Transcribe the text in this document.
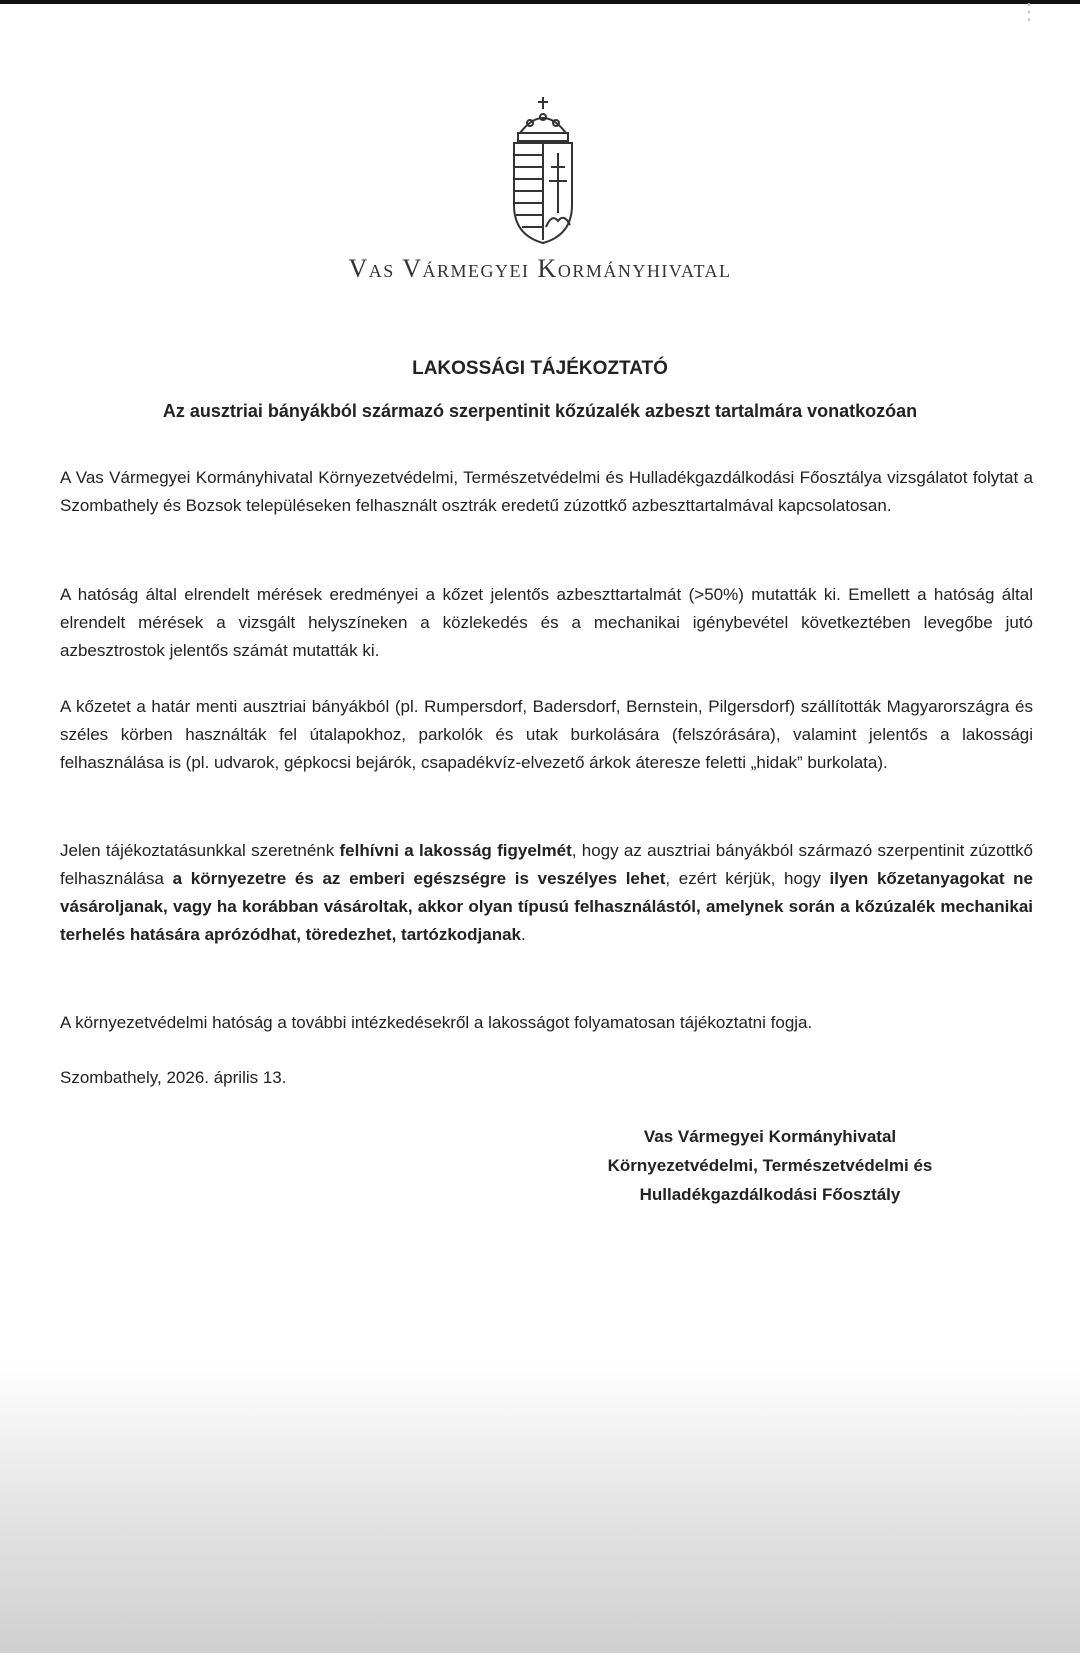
⋮
Vas Vármegyei Kormányhivatal
LAKOSSÁGI TÁJÉKOZTATÓ
Az ausztriai bányákból származó szerpentinit kőzúzalék azbeszt tartalmára vonatkozóan
A Vas Vármegyei Kormányhivatal Környezetvédelmi, Természetvédelmi és Hulladékgazdálkodási Főosztálya vizsgálatot folytat a Szombathely és Bozsok településeken felhasznált osztrák eredetű zúzottkő azbeszttartalmával kapcsolatosan.
A hatóság által elrendelt mérések eredményei a kőzet jelentős azbeszttartalmát (>50%) mutatták ki. Emellett a hatóság által elrendelt mérések a vizsgált helyszíneken a közlekedés és a mechanikai igénybevétel következtében levegőbe jutó azbesztrostok jelentős számát mutatták ki.
A kőzetet a határ menti ausztriai bányákból (pl. Rumpersdorf, Badersdorf, Bernstein, Pilgersdorf) szállították Magyarországra és széles körben használták fel útalapokhoz, parkolók és utak burkolására (felszórására), valamint jelentős a lakossági felhasználása is (pl. udvarok, gépkocsi bejárók, csapadékvíz-elvezető árkok áteresze feletti „hidak” burkolata).
Jelen tájékoztatásunkkal szeretnénk felhívni a lakosság figyelmét, hogy az ausztriai bányákból származó szerpentinit zúzottkő felhasználása a környezetre és az emberi egészségre is veszélyes lehet, ezért kérjük, hogy ilyen kőzetanyagokat ne vásároljanak, vagy ha korábban vásároltak, akkor olyan típusú felhasználástól, amelynek során a kőzúzalék mechanikai terhelés hatására aprózódhat, töredezhet, tartózkodjanak.
A környezetvédelmi hatóság a további intézkedésekről a lakosságot folyamatosan tájékoztatni fogja.
Szombathely, 2026. április 13.
Vas Vármegyei Kormányhivatal
Környezetvédelmi, Természetvédelmi és
Hulladékgazdálkodási Főosztály
